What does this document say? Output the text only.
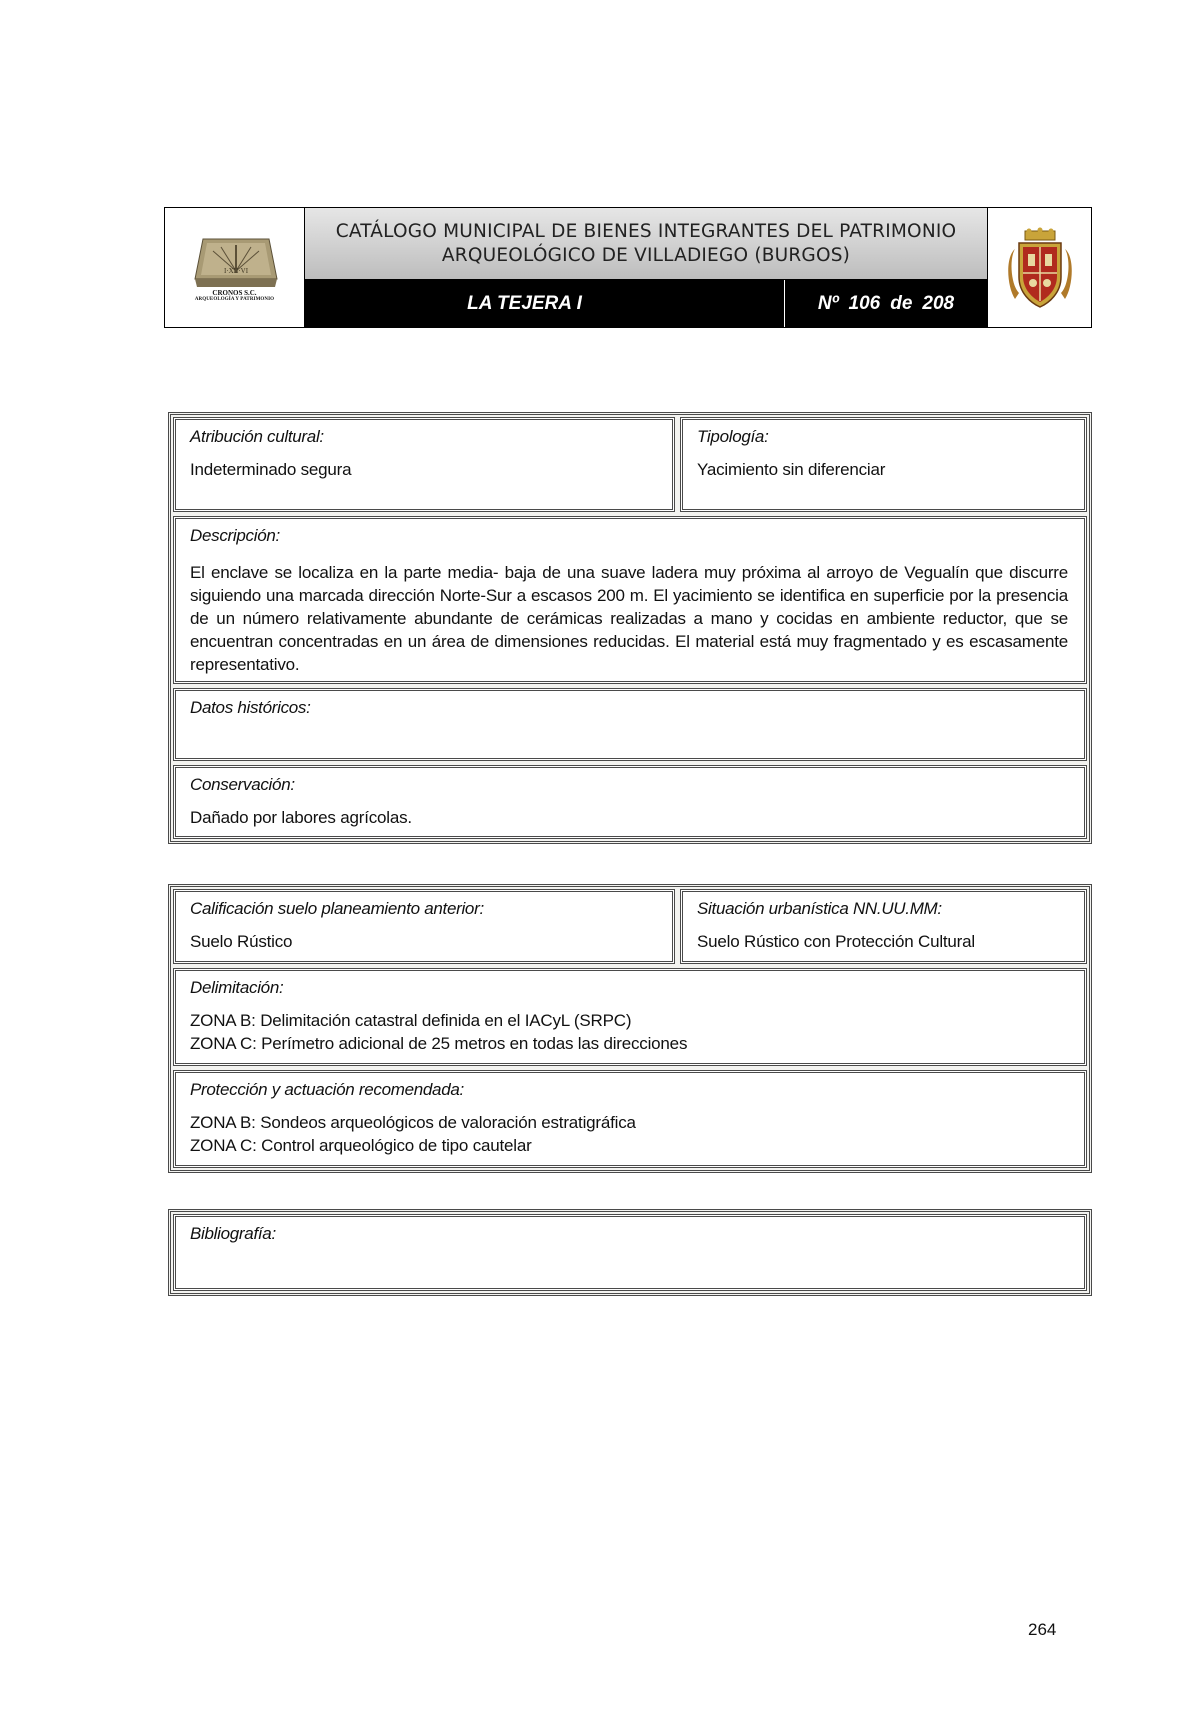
I·XII·VI
CRONOS S.C.
ARQUEOLOGÍA Y PATRIMONIO
CATÁLOGO MUNICIPAL DE BIENES INTEGRANTES DEL PATRIMONIO
ARQUEOLÓGICO DE VILLADIEGO (BURGOS)
LA TEJERA I	Nº 106 de 208
Atribución cultural:
Indeterminado segura
Tipología:
Yacimiento sin diferenciar
Descripción:
El enclave se localiza en la parte media- baja de una suave ladera muy próxima al arroyo de Vegualín que discurre siguiendo una marcada dirección Norte-Sur a escasos 200 m. El yacimiento se identifica en superficie por la presencia de un número relativamente abundante de cerámicas realizadas a mano y cocidas en ambiente reductor, que se encuentran concentradas en un área de dimensiones reducidas. El material está muy fragmentado y es escasamente representativo.
Datos históricos:
Conservación:
Dañado por labores agrícolas.
Calificación suelo planeamiento anterior:
Suelo Rústico
Situación urbanística NN.UU.MM:
Suelo Rústico con Protección Cultural
Delimitación:
ZONA B: Delimitación catastral definida en el IACyL (SRPC)
ZONA C: Perímetro adicional de 25 metros en todas las direcciones
Protección y actuación recomendada:
ZONA B: Sondeos arqueológicos de valoración estratigráfica
ZONA C: Control arqueológico de tipo cautelar
Bibliografía:
264
